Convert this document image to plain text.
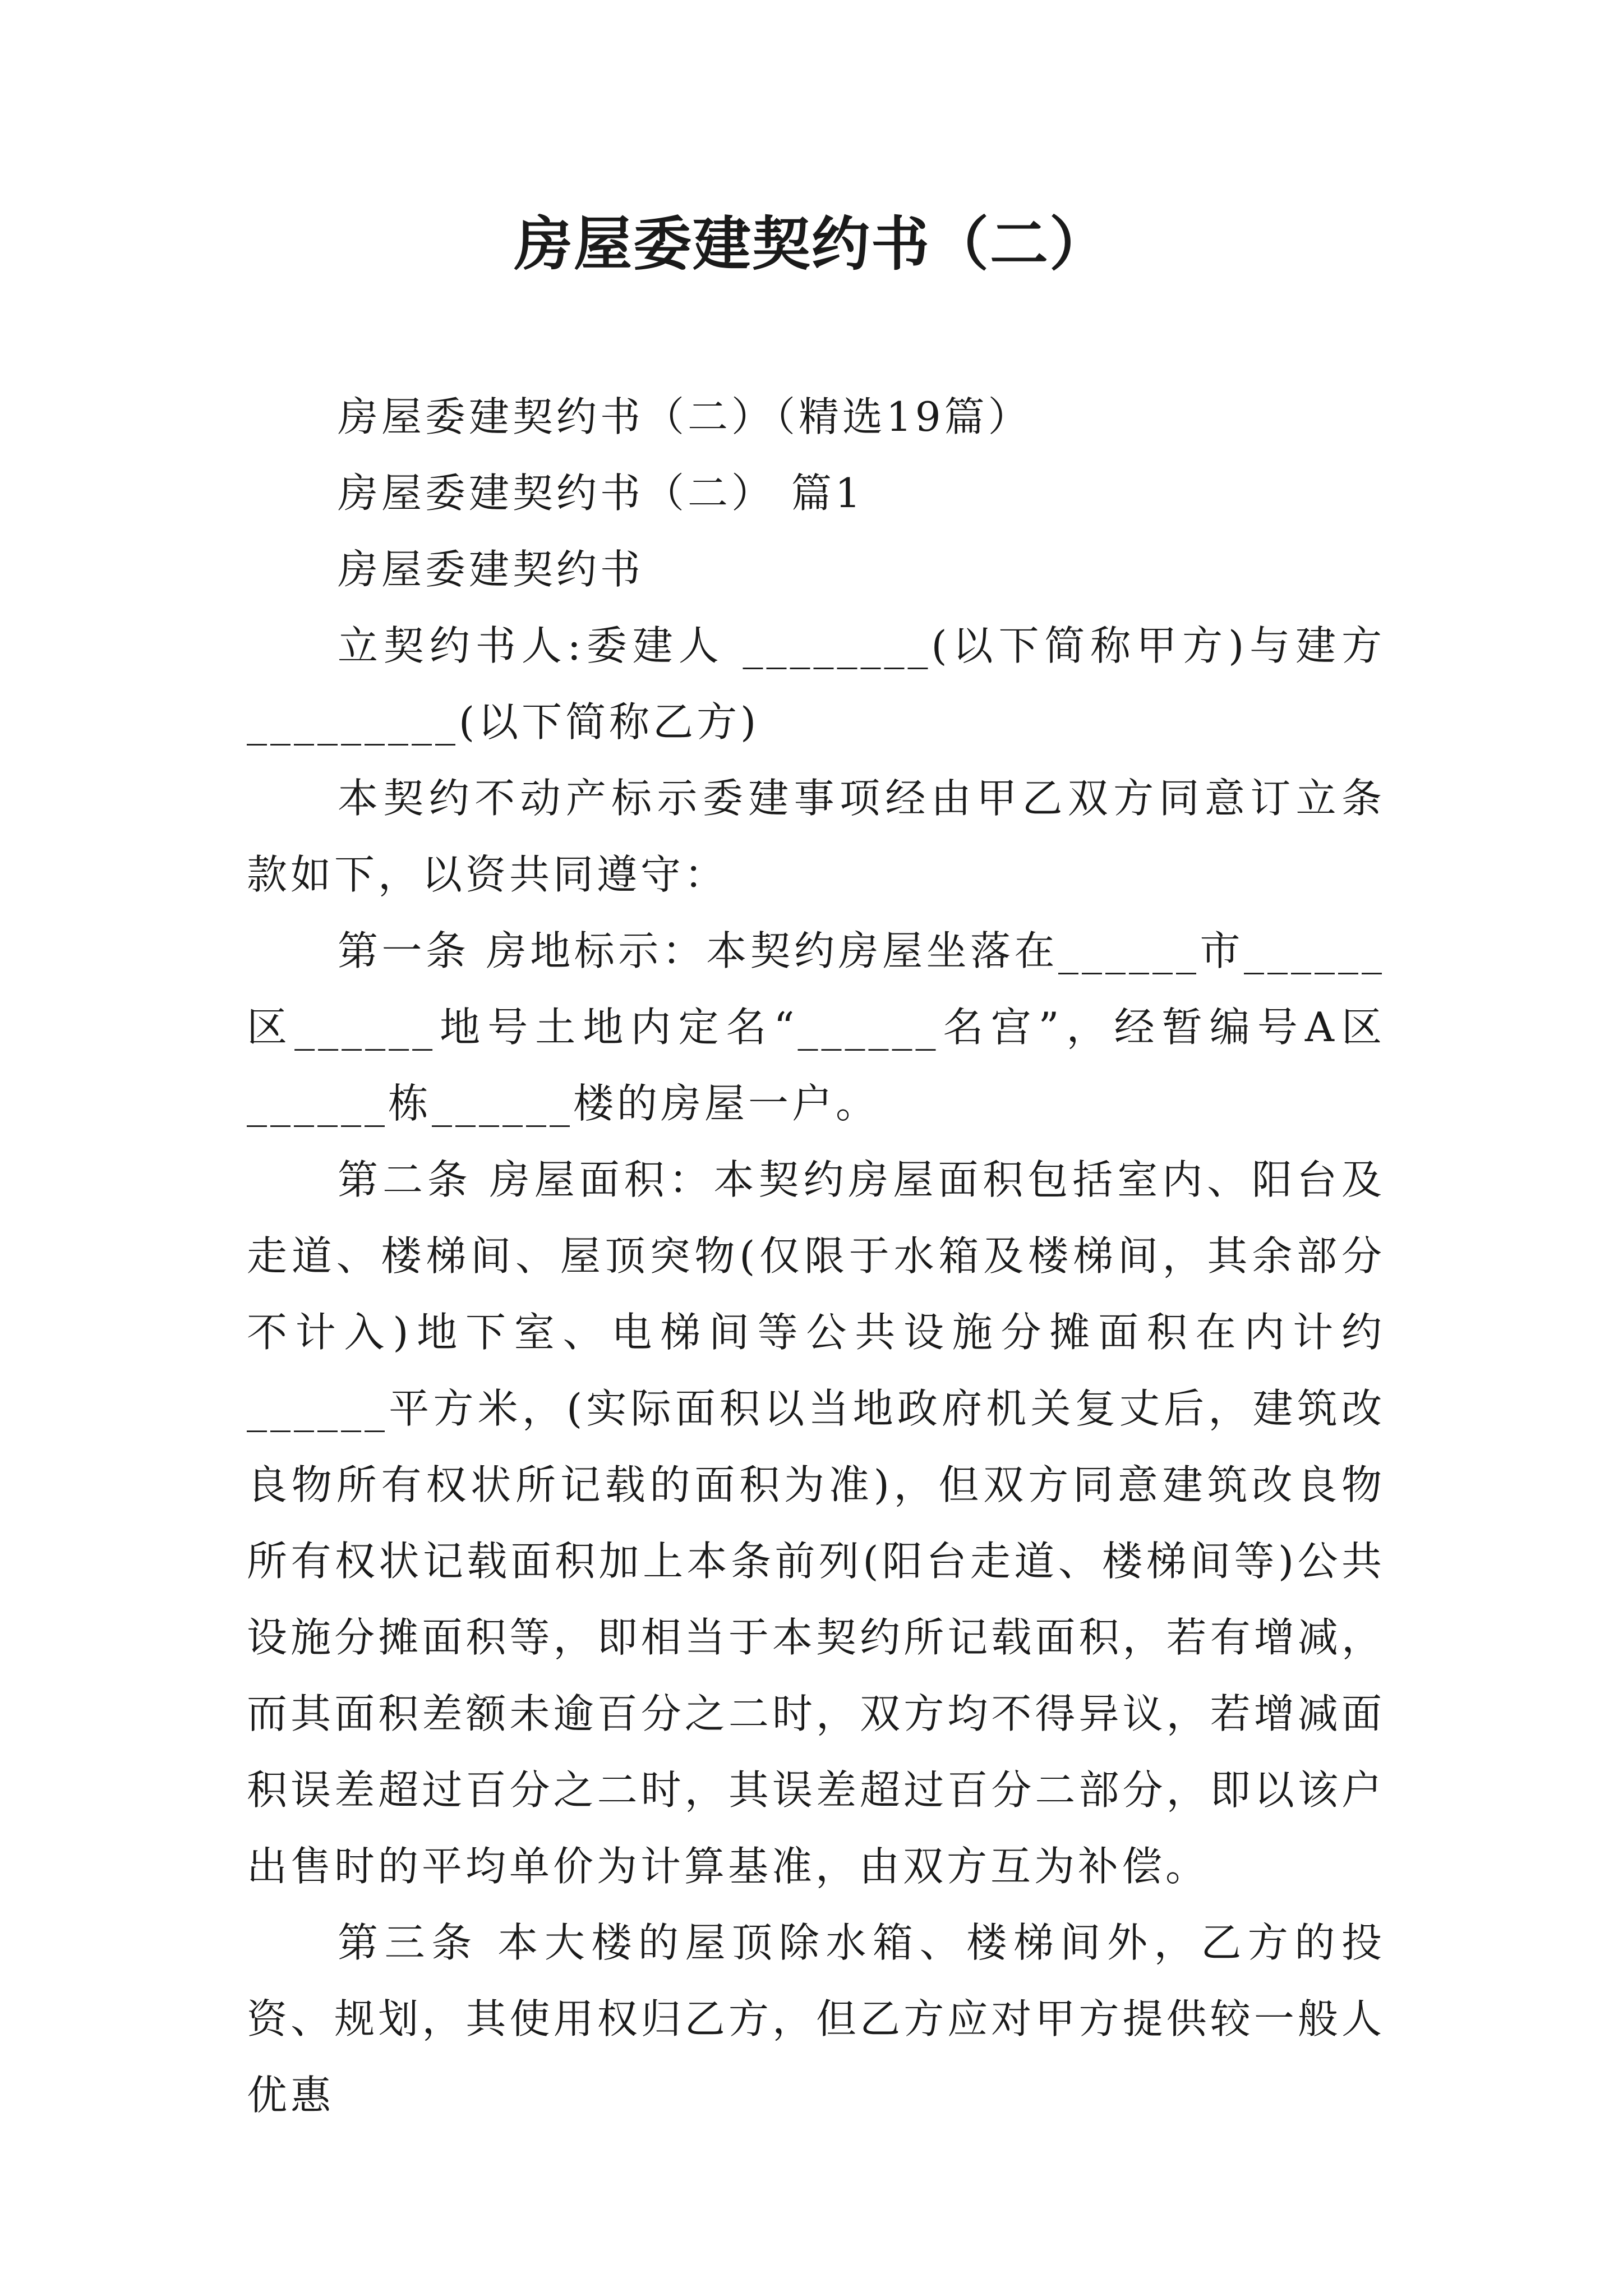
房屋委建契约书（二）

房屋委建契约书（二）（精选19篇）

房屋委建契约书（二） 篇1

房屋委建契约书

立契约书人:委建人 ________(以下简称甲方)与建方_________(以下简称乙方)

本契约不动产标示委建事项经由甲乙双方同意订立条款如下，以资共同遵守：

第一条 房地标示：本契约房屋坐落在______市______区______地号土地内定名“______名宫”，经暂编号A区______栋______楼的房屋一户。

第二条 房屋面积：本契约房屋面积包括室内、阳台及走道、楼梯间、屋顶突物(仅限于水箱及楼梯间，其余部分不计入)地下室、电梯间等公共设施分摊面积在内计约 ______平方米，(实际面积以当地政府机关复丈后，建筑改良物所有权状所记载的面积为准)，但双方同意建筑改良物所有权状记载面积加上本条前列(阳台走道、楼梯间等)公共设施分摊面积等，即相当于本契约所记载面积，若有增减，而其面积差额未逾百分之二时，双方均不得异议，若增减面积误差超过百分之二时，其误差超过百分二部分，即以该户出售时的平均单价为计算基准，由双方互为补偿。

第三条 本大楼的屋顶除水箱、楼梯间外，乙方的投资、规划，其使用权归乙方，但乙方应对甲方提供较一般人优惠
